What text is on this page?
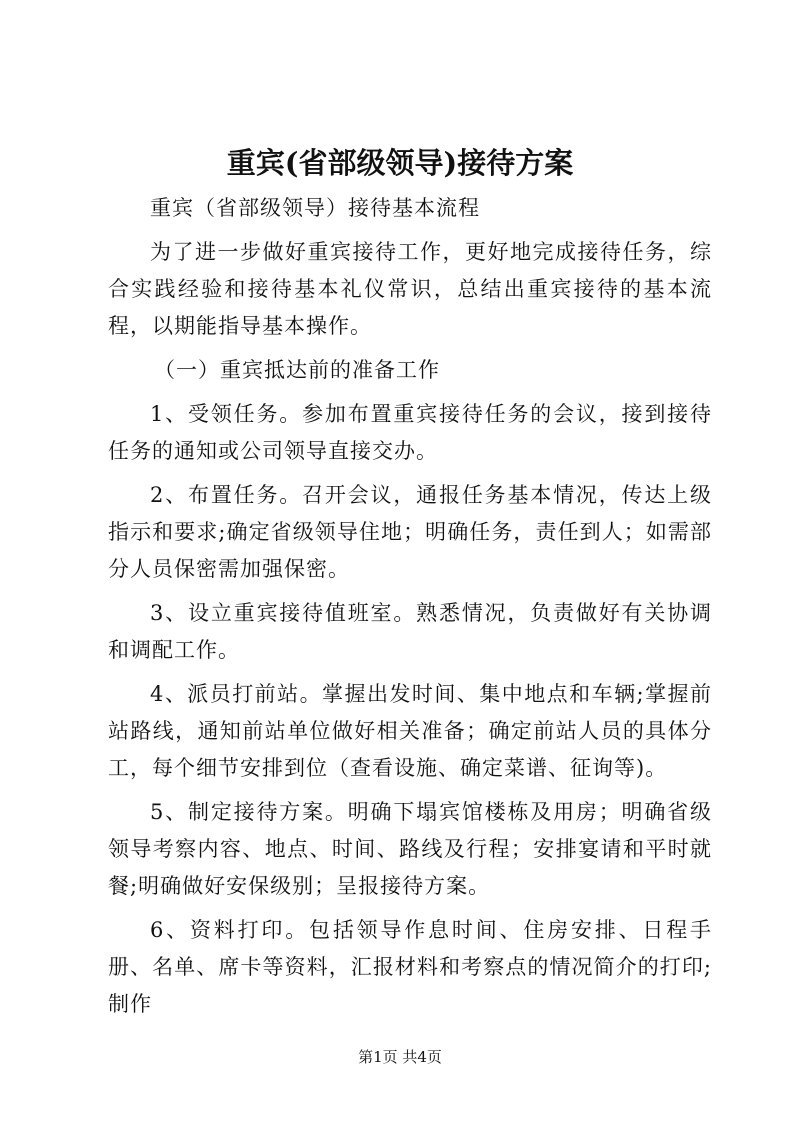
重宾(省部级领导)接待方案

重宾（省部级领导）接待基本流程

为了进一步做好重宾接待工作，更好地完成接待任务，综合实践经验和接待基本礼仪常识，总结出重宾接待的基本流程，以期能指导基本操作。

（一）重宾抵达前的准备工作

1、受领任务。参加布置重宾接待任务的会议，接到接待任务的通知或公司领导直接交办。

2、布置任务。召开会议，通报任务基本情况，传达上级指示和要求;确定省级领导住地；明确任务，责任到人；如需部分人员保密需加强保密。

3、设立重宾接待值班室。熟悉情况，负责做好有关协调和调配工作。

4、派员打前站。掌握出发时间、集中地点和车辆;掌握前站路线，通知前站单位做好相关准备；确定前站人员的具体分工，每个细节安排到位（查看设施、确定菜谱、征询等)。

5、制定接待方案。明确下塌宾馆楼栋及用房；明确省级领导考察内容、地点、时间、路线及行程；安排宴请和平时就餐;明确做好安保级别；呈报接待方案。

6、资料打印。包括领导作息时间、住房安排、日程手册、名单、席卡等资料，汇报材料和考察点的情况简介的打印;制作

第1页 共4页
